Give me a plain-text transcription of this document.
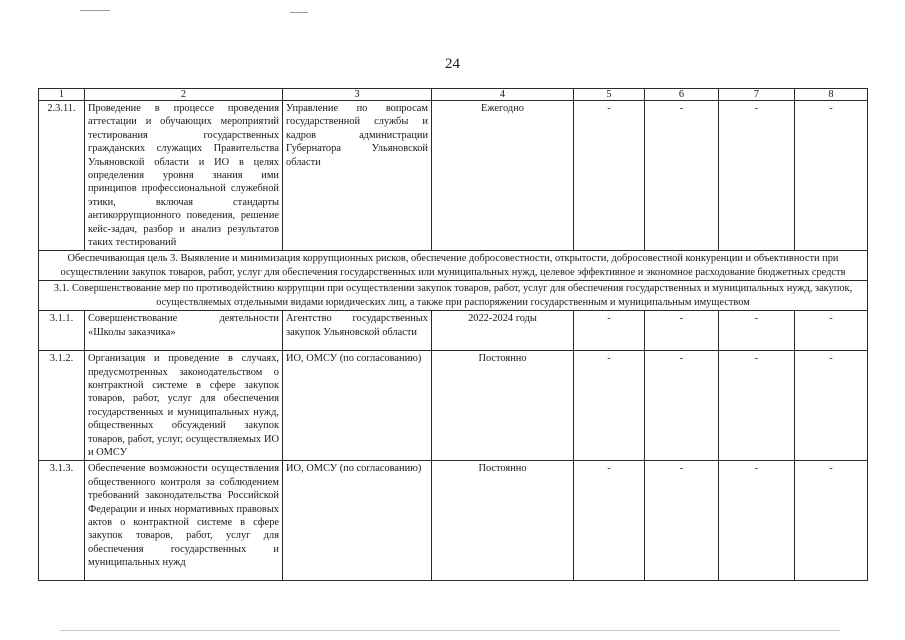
24
1	2	3	4	5	6	7	8
2.3.11.	Проведение в процессе проведения аттестации и обучающих мероприятий тестирования государственных гражданских служащих Правительства Ульяновской области и ИО в целях определения уровня знания ими принципов профессиональной служебной этики, включая стандарты антикоррупционного поведения, решение кейс-задач, разбор и анализ результатов таких тестирований	Управление по вопросам государственной службы и кадров администрации Губернатора Ульяновской области	Ежегодно	-	-	-	-
Обеспечивающая цель 3. Выявление и минимизация коррупционных рисков, обеспечение добросовестности, открытости, добросовестной конкуренции и объективности при осуществлении закупок товаров, работ, услуг для обеспечения государственных или муниципальных нужд, целевое эффективное и экономное расходование бюджетных средств							
3.1. Совершенствование мер по противодействию коррупции при осуществлении закупок товаров, работ, услуг для обеспечения государственных и муниципальных нужд, закупок, осуществляемых отдельными видами юридических лиц, а также при распоряжении государственным и муниципальным имуществом							
3.1.1.	Совершенствование деятельности «Школы заказчика»	Агентство государственных закупок Ульяновской области	2022-2024 годы	-	-	-	-
3.1.2.	Организация и проведение в случаях, предусмотренных законодательством о контрактной системе в сфере закупок товаров, работ, услуг для обеспечения государственных и муниципальных нужд, общественных обсуждений закупок товаров, работ, услуг, осуществляемых ИО и ОМСУ	ИО, ОМСУ (по согласованию)	Постоянно	-	-	-	-
3.1.3.	Обеспечение возможности осуществления общественного контроля за соблюдением требований законодательства Российской Федерации и иных нормативных правовых актов о контрактной системе в сфере закупок товаров, работ, услуг для обеспечения государственных и муниципальных нужд	ИО, ОМСУ (по согласованию)	Постоянно	-	-	-	-
